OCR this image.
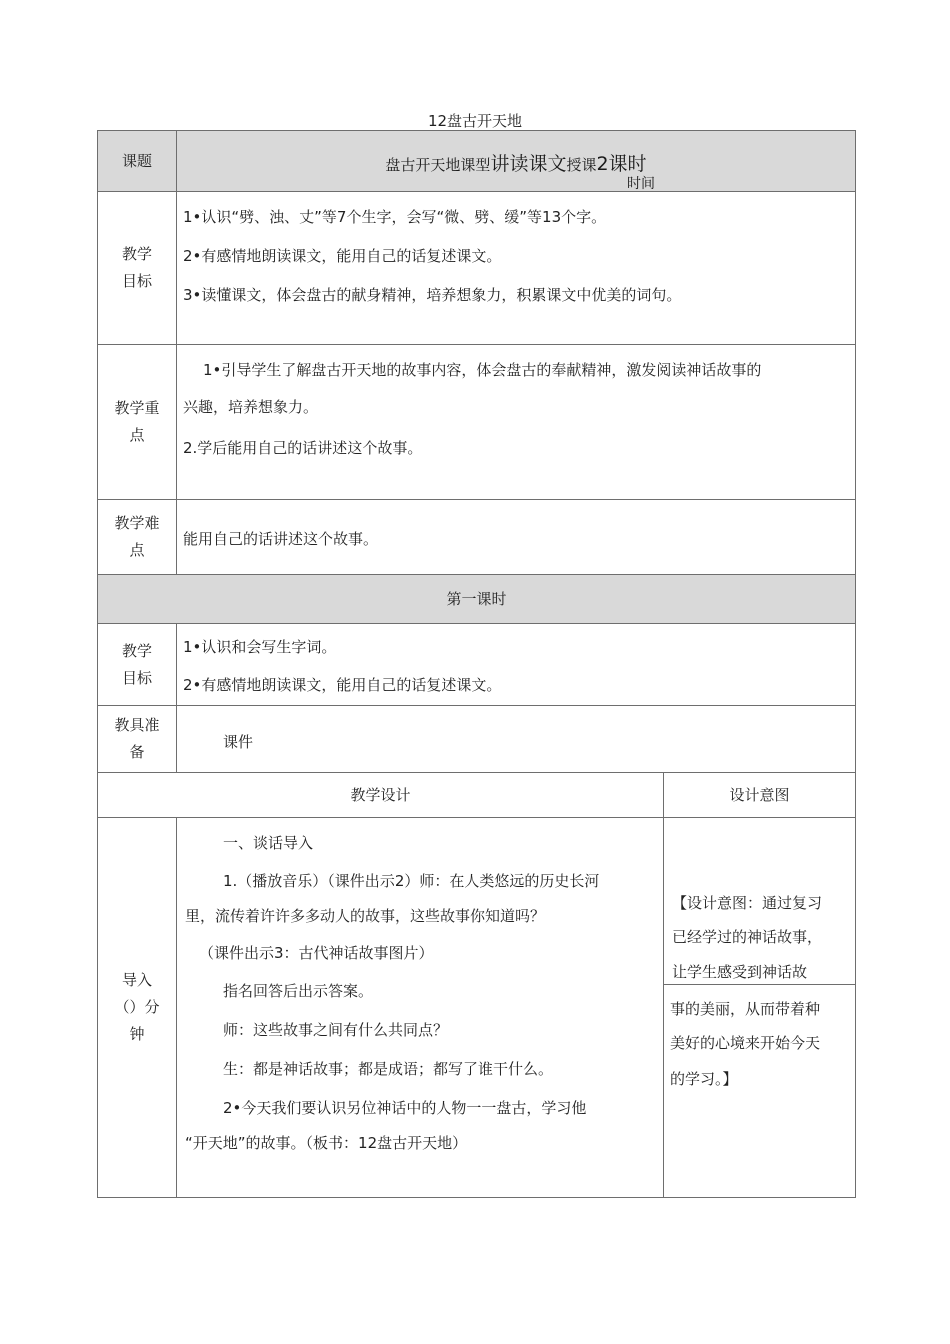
12盘古开天地
课题	盘古开天地课型讲读课文授课2课时
时间
教学
目标
1•认识“劈、浊、丈”等7个生字，会写“微、劈、缓”等13个字。
2•有感情地朗读课文，能用自己的话复述课文。
3•读懂课文，体会盘古的献身精神，培养想象力，积累课文中优美的词句。
教学重
点
1•引导学生了解盘古开天地的故事内容，体会盘古的奉献精神，激发阅读神话故事的
兴趣，培养想象力。
2.学后能用自己的话讲述这个故事。
教学难
点
能用自己的话讲述这个故事。
第一课时
教学
目标
1•认识和会写生字词。
2•有感情地朗读课文，能用自己的话复述课文。
教具准
备
课件
教学设计	设计意图
导入
（）分
钟
一、谈话导入
1.（播放音乐）（课件出示2）师：在人类悠远的历史长河
里，流传着许许多多动人的故事，这些故事你知道吗？
（课件出示3：古代神话故事图片）
指名回答后出示答案。
师：这些故事之间有什么共同点？
生：都是神话故事；都是成语；都写了谁干什么。
2•今天我们要认识另位神话中的人物一一盘古，学习他
“开天地”的故事。（板书：12盘古开天地）
【设计意图：通过复习
已经学过的神话故事，
让学生感受到神话故
事的美丽，从而带着种
美好的心境来开始今天
的学习。】
